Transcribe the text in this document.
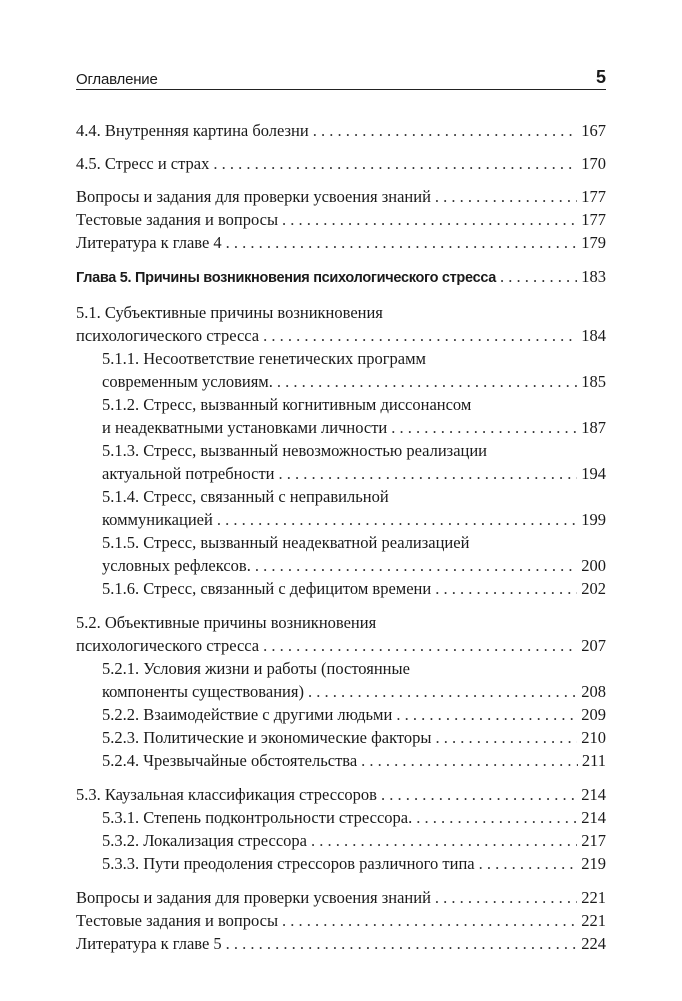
Оглавление	5
4.4. Внутренняя картина болезни . . .	167
4.5. Стресс и страх . . .	170
Вопросы и задания для проверки усвоения знаний . . .	177
Тестовые задания и вопросы . . .	177
Литература к главе 4 . . .	179
Глава 5. Причины возникновения психологического стресса . . .	183
5.1. Субъективные причины возникновения
психологического стресса . . .	184
5.1.1. Несоответствие генетических программ
современным условиям. . . .	185
5.1.2. Стресс, вызванный когнитивным диссонансом
и неадекватными установками личности . . .	187
5.1.3. Стресс, вызванный невозможностью реализации
актуальной потребности . . .	194
5.1.4. Стресс, связанный с неправильной
коммуникацией . . .	199
5.1.5. Стресс, вызванный неадекватной реализацией
условных рефлексов. . . .	200
5.1.6. Стресс, связанный с дефицитом времени . . .	202
5.2. Объективные причины возникновения
психологического стресса . . .	207
5.2.1. Условия жизни и работы (постоянные
компоненты существования) . . .	208
5.2.2. Взаимодействие с другими людьми . . .	209
5.2.3. Политические и экономические факторы . . .	210
5.2.4. Чрезвычайные обстоятельства . . .	211
5.3. Каузальная классификация стрессоров . . .	214
5.3.1. Степень подконтрольности стрессора. . . .	214
5.3.2. Локализация стрессора . . .	217
5.3.3. Пути преодоления стрессоров различного типа . . .	219
Вопросы и задания для проверки усвоения знаний . . .	221
Тестовые задания и вопросы . . .	221
Литература к главе 5 . . .	224
